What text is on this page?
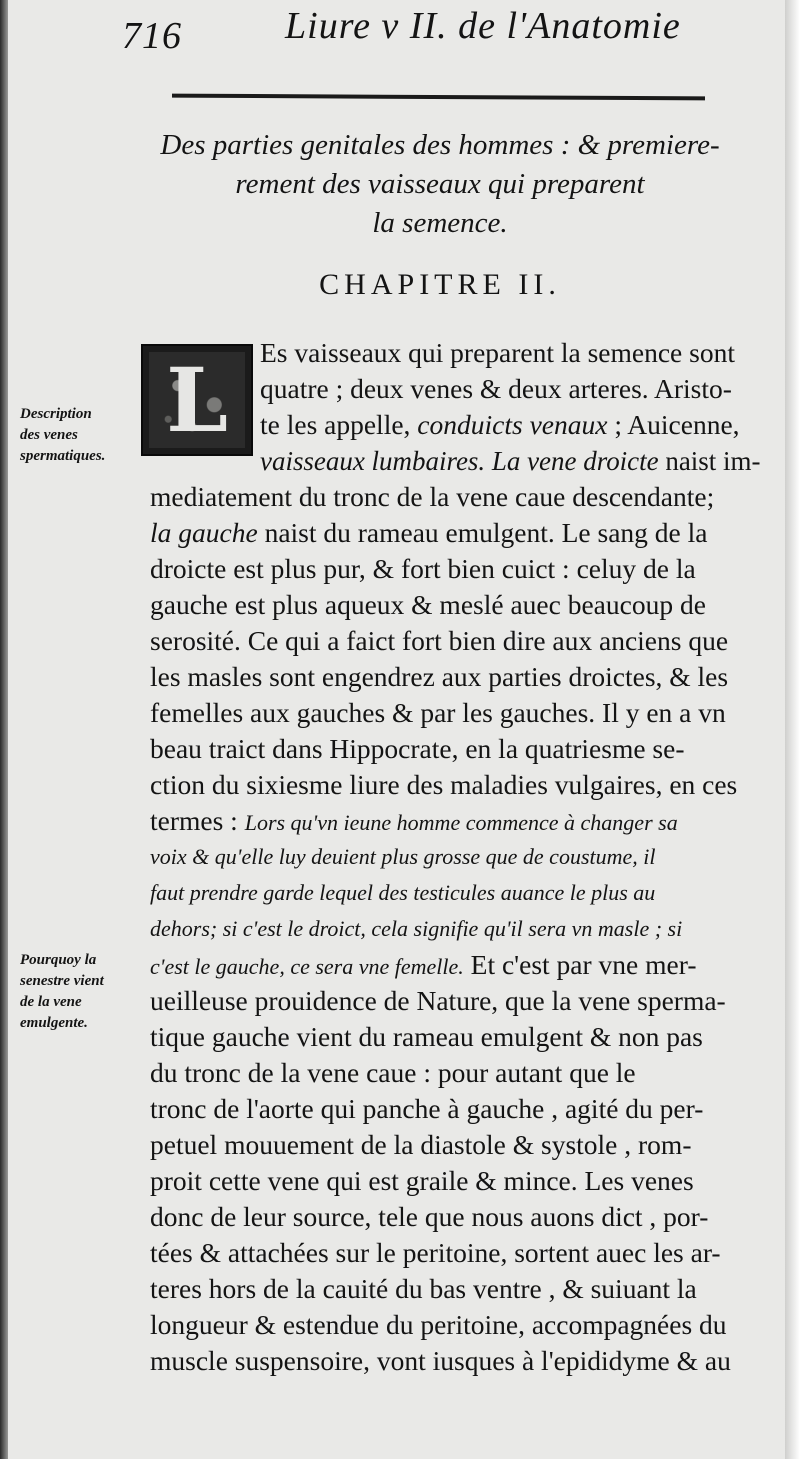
716	Liure v II. de l'Anatomie
Des parties genitales des hommes : & premiere-
rement des vaisseaux qui preparent
la semence.
CHAPITRE II.
L
Description
des venes
spermatiques.
Pourquoy la
senestre vient
de la vene
emulgente.
Es vaisseaux qui preparent la semence sont
quatre ; deux venes & deux arteres. Aristo-
te les appelle, conduicts venaux ; Auicenne,
vaisseaux lumbaires. La vene droicte naist im-
mediatement du tronc de la vene caue descendante;
la gauche naist du rameau emulgent. Le sang de la
droicte est plus pur, & fort bien cuict : celuy de la
gauche est plus aqueux & meslé auec beaucoup de
serosité. Ce qui a faict fort bien dire aux anciens que
les masles sont engendrez aux parties droictes, & les
femelles aux gauches & par les gauches. Il y en a vn
beau traict dans Hippocrate, en la quatriesme se-
ction du sixiesme liure des maladies vulgaires, en ces
termes : Lors qu'vn ieune homme commence à changer sa
voix & qu'elle luy deuient plus grosse que de coustume, il
faut prendre garde lequel des testicules auance le plus au
dehors; si c'est le droict, cela signifie qu'il sera vn masle ; si
c'est le gauche, ce sera vne femelle. Et c'est par vne mer-
ueilleuse prouidence de Nature, que la vene sperma-
tique gauche vient du rameau emulgent & non pas
du tronc de la vene caue : pour autant que le
tronc de l'aorte qui panche à gauche , agité du per-
petuel mouuement de la diastole & systole , rom-
proit cette vene qui est graile & mince. Les venes
donc de leur source, tele que nous auons dict , por-
tées & attachées sur le peritoine, sortent auec les ar-
teres hors de la cauité du bas ventre , & suiuant la
longueur & estendue du peritoine, accompagnées du
muscle suspensoire, vont iusques à l'epididyme & au
